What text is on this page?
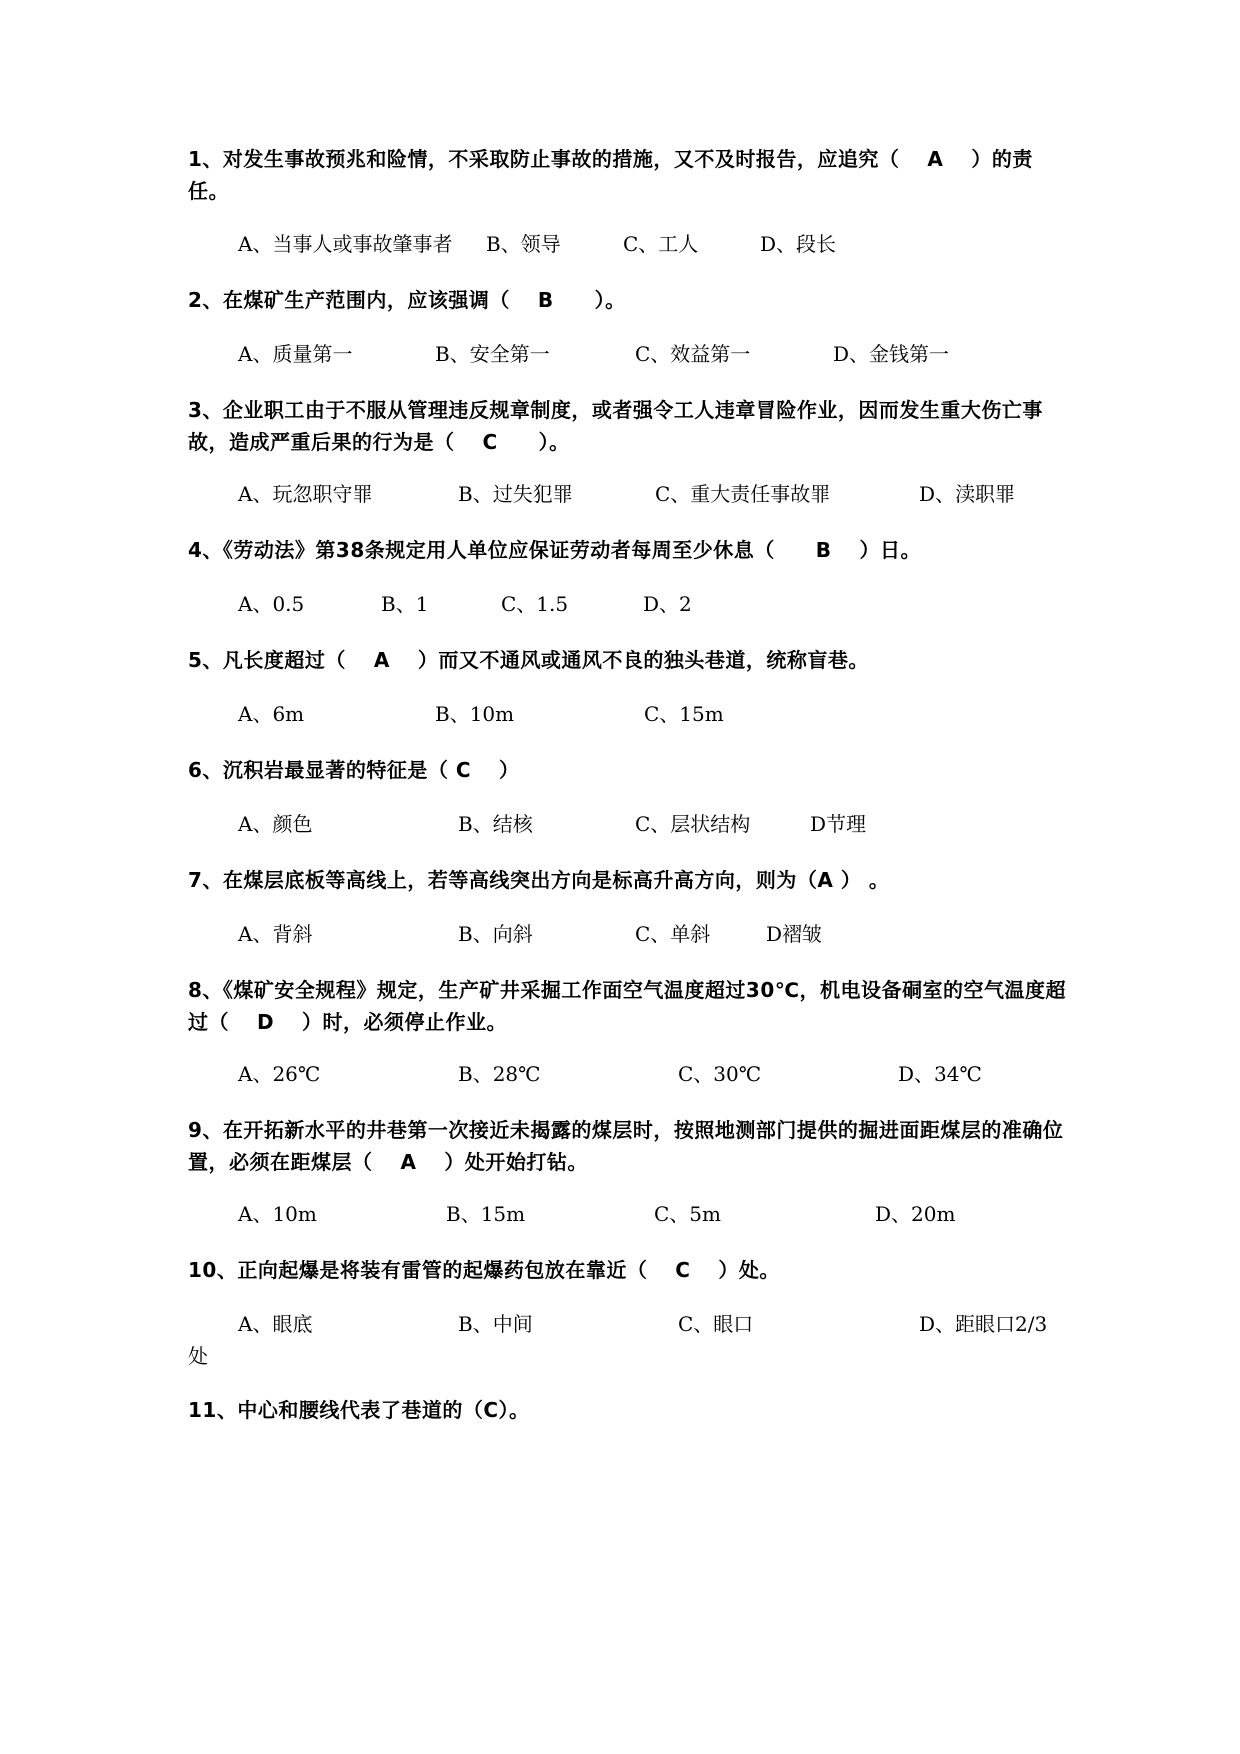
1、对发生事故预兆和险情，不采取防止事故的措施，又不及时报告，应追究（　 A　 ）的责任。
A、当事人或事故肇事者 B、领导	C、工人	D、段长
2、在煤矿生产范围内，应该强调（　 B　　）。
A、质量第一	B、安全第一	C、效益第一	D、金钱第一
3、企业职工由于不服从管理违反规章制度，或者强令工人违章冒险作业，因而发生重大伤亡事故，造成严重后果的行为是（　 C　　）。
A、玩忽职守罪	B、过失犯罪	C、重大责任事故罪	D、渎职罪
4、《劳动法》第38条规定用人单位应保证劳动者每周至少休息（　　B　 ）日。
A、0.5	B、1	C、1.5	D、2
5、凡长度超过（　 A　 ）而又不通风或通风不良的独头巷道，统称盲巷。
A、6m	B、10m	C、15m
6、沉积岩最显著的特征是（ C　 ）
A、颜色	B、结核	C、层状结构	D节理
7、在煤层底板等高线上，若等高线突出方向是标高升高方向，则为（A ） 。
A、背斜	B、向斜	C、单斜	D褶皱
8、《煤矿安全规程》规定，生产矿井采掘工作面空气温度超过30℃，机电设备硐室的空气温度超过（　 D　 ）时，必须停止作业。
A、26℃	B、28℃	C、30℃	D、34℃
9、在开拓新水平的井巷第一次接近未揭露的煤层时，按照地测部门提供的掘进面距煤层的准确位置，必须在距煤层（　 A　 ）处开始打钻。
A、10m	B、15m	C、5m	D、20m
10、正向起爆是将装有雷管的起爆药包放在靠近（　 C　 ）处。
A、眼底	B、中间	C、眼口	D、距眼口2/3
处
11、中心和腰线代表了巷道的（C）。
